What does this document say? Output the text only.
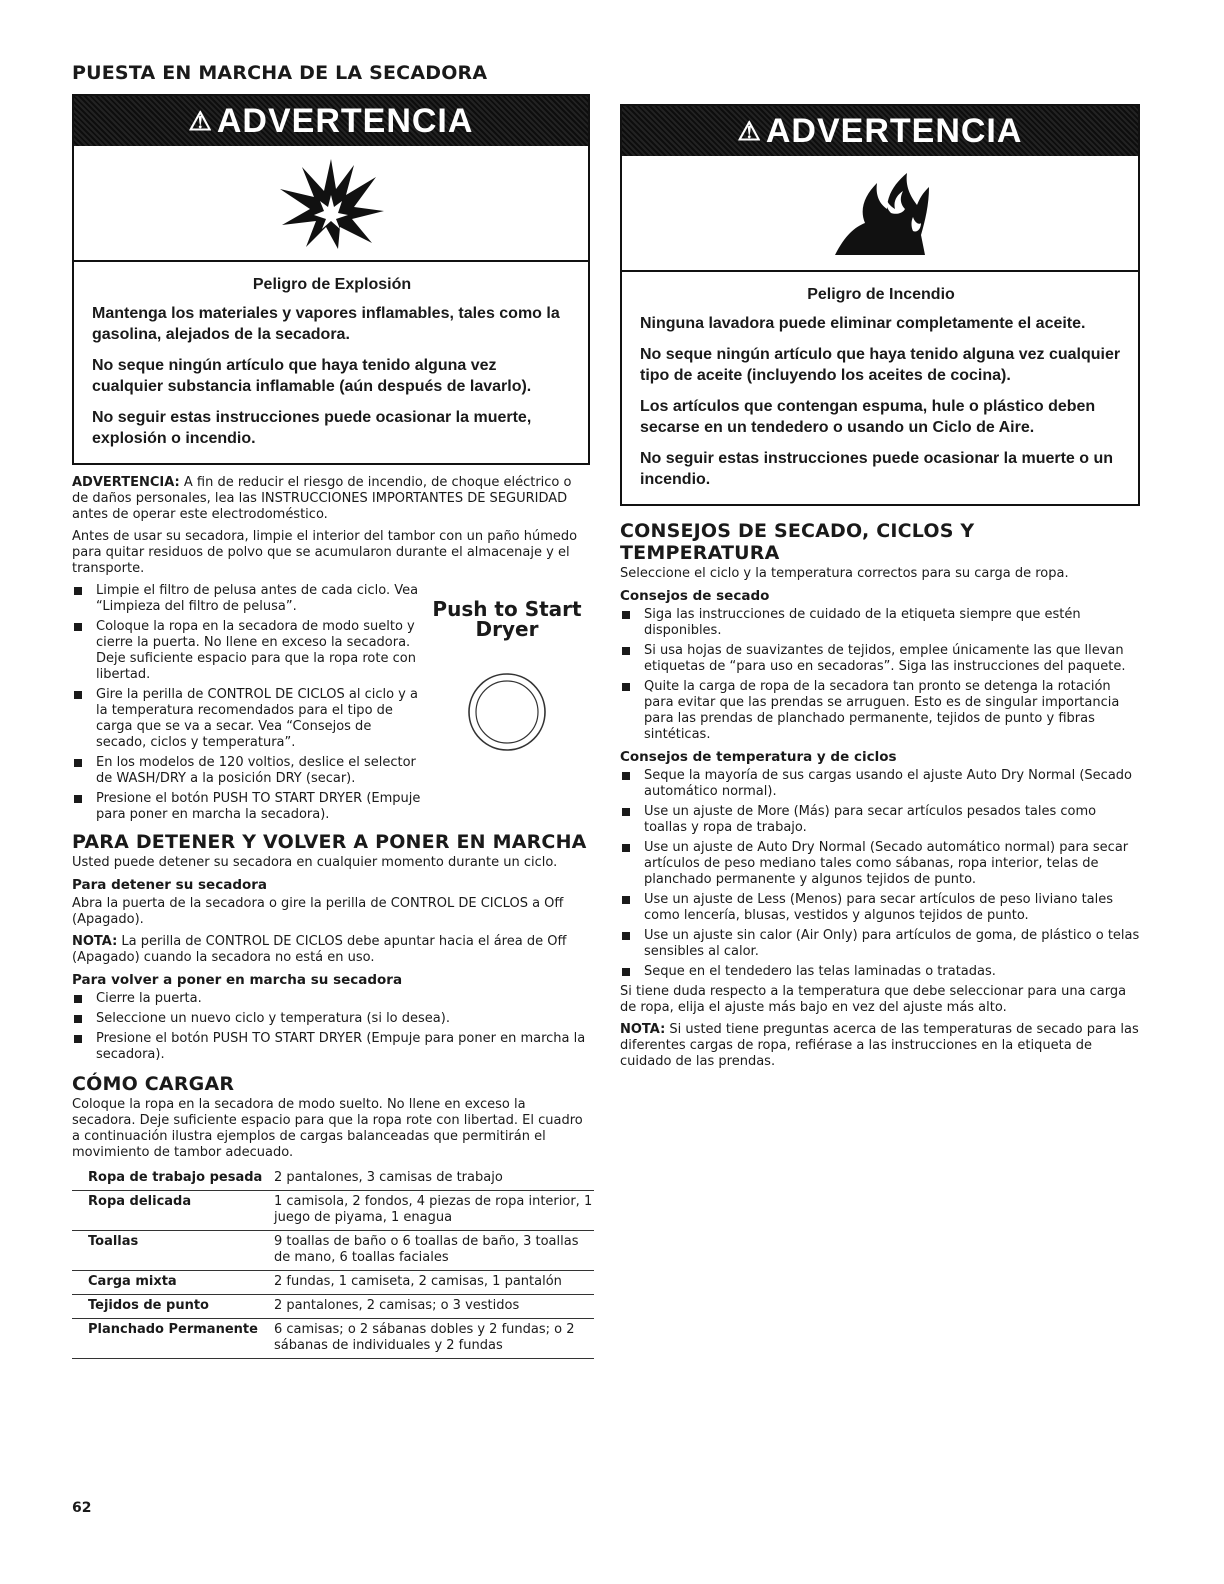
PUESTA EN MARCHA DE LA SECADORA
⚠ ADVERTENCIA
Peligro de Explosión

Mantenga los materiales y vapores inflamables, tales como la gasolina, alejados de la secadora.

No seque ningún artículo que haya tenido alguna vez cualquier substancia inflamable (aún después de lavarlo).

No seguir estas instrucciones puede ocasionar la muerte, explosión o incendio.

ADVERTENCIA: A fin de reducir el riesgo de incendio, de choque eléctrico o de daños personales, lea las INSTRUCCIONES IMPORTANTES DE SEGURIDAD antes de operar este electrodoméstico.

Antes de usar su secadora, limpie el interior del tambor con un paño húmedo para quitar residuos de polvo que se acumularon durante el almacenaje y el transporte.

Limpie el filtro de pelusa antes de cada ciclo. Vea “Limpieza del filtro de pelusa”.
Coloque la ropa en la secadora de modo suelto y cierre la puerta. No llene en exceso la secadora. Deje suficiente espacio para que la ropa rote con libertad.
Gire la perilla de CONTROL DE CICLOS al ciclo y a la temperatura recomendados para el tipo de carga que se va a secar. Vea “Consejos de secado, ciclos y temperatura”.
En los modelos de 120 voltios, deslice el selector de WASH/DRY a la posición DRY (secar).
Presione el botón PUSH TO START DRYER (Empuje para poner en marcha la secadora).
Push to Start
Dryer
PARA DETENER Y VOLVER A PONER EN MARCHA

Usted puede detener su secadora en cualquier momento durante un ciclo.

Para detener su secadora

Abra la puerta de la secadora o gire la perilla de CONTROL DE CICLOS a Off (Apagado).

NOTA: La perilla de CONTROL DE CICLOS debe apuntar hacia el área de Off (Apagado) cuando la secadora no está en uso.

Para volver a poner en marcha su secadora
Cierre la puerta.
Seleccione un nuevo ciclo y temperatura (si lo desea).
Presione el botón PUSH TO START DRYER (Empuje para poner en marcha la secadora).
CÓMO CARGAR

Coloque la ropa en la secadora de modo suelto. No llene en exceso la secadora. Deje suficiente espacio para que la ropa rote con libertad. El cuadro a continuación ilustra ejemplos de cargas balanceadas que permitirán el movimiento de tambor adecuado.

Ropa de trabajo pesada	2 pantalones, 3 camisas de trabajo
Ropa delicada	1 camisola, 2 fondos, 4 piezas de ropa interior, 1 juego de piyama, 1 enagua
Toallas	9 toallas de baño o 6 toallas de baño, 3 toallas de mano, 6 toallas faciales
Carga mixta	2 fundas, 1 camiseta, 2 camisas, 1 pantalón
Tejidos de punto	2 pantalones, 2 camisas; o 3 vestidos
Planchado Permanente	6 camisas; o 2 sábanas dobles y 2 fundas; o 2 sábanas de individuales y 2 fundas
⚠ ADVERTENCIA
Peligro de Incendio

Ninguna lavadora puede eliminar completamente el aceite.

No seque ningún artículo que haya tenido alguna vez cualquier tipo de aceite (incluyendo los aceites de cocina).

Los artículos que contengan espuma, hule o plástico deben secarse en un tendedero o usando un Ciclo de Aire.

No seguir estas instrucciones puede ocasionar la muerte o un incendio.

CONSEJOS DE SECADO, CICLOS Y TEMPERATURA

Seleccione el ciclo y la temperatura correctos para su carga de ropa.

Consejos de secado
Siga las instrucciones de cuidado de la etiqueta siempre que estén disponibles.
Si usa hojas de suavizantes de tejidos, emplee únicamente las que llevan etiquetas de “para uso en secadoras”. Siga las instrucciones del paquete.
Quite la carga de ropa de la secadora tan pronto se detenga la rotación para evitar que las prendas se arruguen. Esto es de singular importancia para las prendas de planchado permanente, tejidos de punto y fibras sintéticas.
Consejos de temperatura y de ciclos
Seque la mayoría de sus cargas usando el ajuste Auto Dry Normal (Secado automático normal).
Use un ajuste de More (Más) para secar artículos pesados tales como toallas y ropa de trabajo.
Use un ajuste de Auto Dry Normal (Secado automático normal) para secar artículos de peso mediano tales como sábanas, ropa interior, telas de planchado permanente y algunos tejidos de punto.
Use un ajuste de Less (Menos) para secar artículos de peso liviano tales como lencería, blusas, vestidos y algunos tejidos de punto.
Use un ajuste sin calor (Air Only) para artículos de goma, de plástico o telas sensibles al calor.
Seque en el tendedero las telas laminadas o tratadas.

Si tiene duda respecto a la temperatura que debe seleccionar para una carga de ropa, elija el ajuste más bajo en vez del ajuste más alto.

NOTA: Si usted tiene preguntas acerca de las temperaturas de secado para las diferentes cargas de ropa, refiérase a las instrucciones en la etiqueta de cuidado de las prendas.

62
